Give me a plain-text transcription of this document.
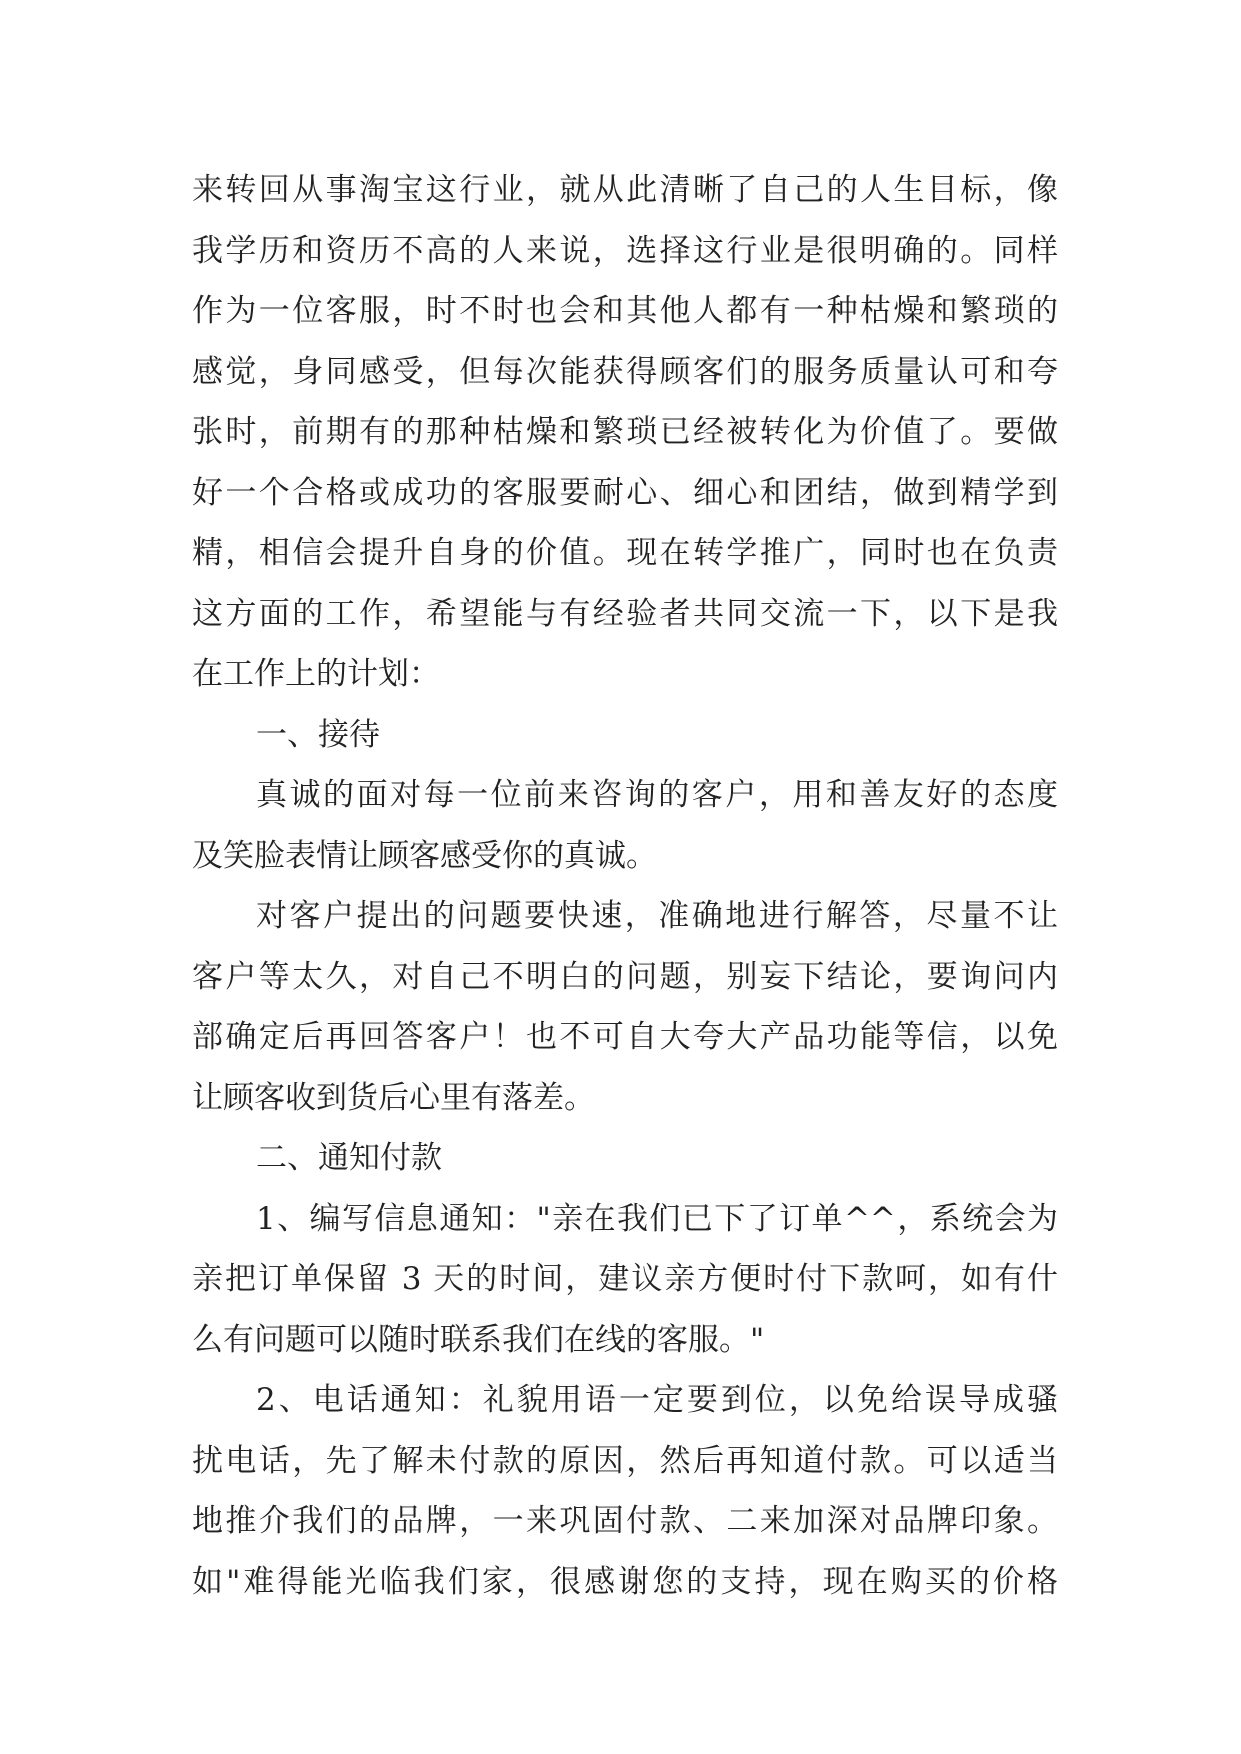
来转回从事淘宝这行业，就从此清晰了自己的人生目标，像
我学历和资历不高的人来说，选择这行业是很明确的。同样
作为一位客服，时不时也会和其他人都有一种枯燥和繁琐的
感觉，身同感受，但每次能获得顾客们的服务质量认可和夸
张时，前期有的那种枯燥和繁琐已经被转化为价值了。要做
好一个合格或成功的客服要耐心、细心和团结，做到精学到
精，相信会提升自身的价值。现在转学推广，同时也在负责
这方面的工作，希望能与有经验者共同交流一下，以下是我
在工作上的计划：
一、接待
真诚的面对每一位前来咨询的客户，用和善友好的态度
及笑脸表情让顾客感受你的真诚。
对客户提出的问题要快速，准确地进行解答，尽量不让
客户等太久，对自己不明白的问题，别妄下结论，要询问内
部确定后再回答客户！也不可自大夸大产品功能等信，以免
让顾客收到货后心里有落差。
二、通知付款
1、编写信息通知："亲在我们已下了订单^^，系统会为
亲把订单保留 3 天的时间，建议亲方便时付下款呵，如有什
么有问题可以随时联系我们在线的客服。"
2、电话通知：礼貌用语一定要到位，以免给误导成骚
扰电话，先了解未付款的原因，然后再知道付款。可以适当
地推介我们的品牌，一来巩固付款、二来加深对品牌印象。
如"难得能光临我们家，很感谢您的支持，现在购买的价格
